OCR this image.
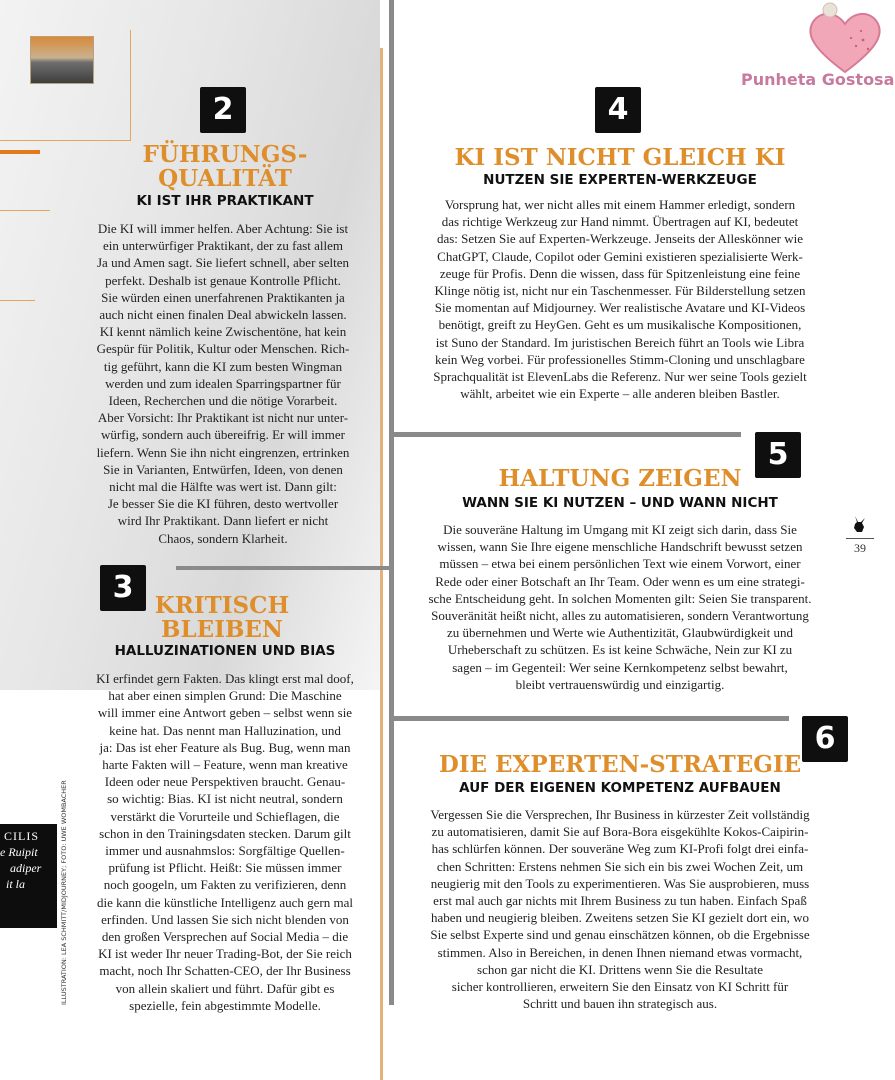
CILIS
e Ruipit
adiper
it la	ILLUSTRATION: LEA SCHMITT/MIDJOURNEY; FOTO: UWE WOMBACHER
Punheta Gostosa
39
2
FÜHRUNGS-
QUALITÄT
KI IST IHR PRAKTIKANT
Die KI will immer helfen. Aber Achtung: Sie ist
ein unterwürfiger Praktikant, der zu fast allem
Ja und Amen sagt. Sie liefert schnell, aber selten
perfekt. Deshalb ist genaue Kontrolle Pflicht.
Sie würden einen unerfahrenen Praktikanten ja
auch nicht einen finalen Deal abwickeln lassen.
KI kennt nämlich keine Zwischentöne, hat kein
Gespür für Politik, Kultur oder Menschen. Rich-
tig geführt, kann die KI zum besten Wingman
werden und zum idealen Sparringspartner für
Ideen, Recherchen und die nötige Vorarbeit.
Aber Vorsicht: Ihr Praktikant ist nicht nur unter-
würfig, sondern auch übereifrig. Er will immer
liefern. Wenn Sie ihn nicht eingrenzen, ertrinken
Sie in Varianten, Entwürfen, Ideen, von denen
nicht mal die Hälfte was wert ist. Dann gilt:
Je besser Sie die KI führen, desto wertvoller
wird Ihr Praktikant. Dann liefert er nicht
Chaos, sondern Klarheit.
3
KRITISCH
BLEIBEN
HALLUZINATIONEN UND BIAS
KI erfindet gern Fakten. Das klingt erst mal doof,
hat aber einen simplen Grund: Die Maschine
will immer eine Antwort geben – selbst wenn sie
keine hat. Das nennt man Halluzination, und
ja: Das ist eher Feature als Bug. Bug, wenn man
harte Fakten will – Feature, wenn man kreative
Ideen oder neue Perspektiven braucht. Genau-
so wichtig: Bias. KI ist nicht neutral, sondern
verstärkt die Vorurteile und Schieflagen, die
schon in den Trainingsdaten stecken. Darum gilt
immer und ausnahmslos: Sorgfältige Quellen-
prüfung ist Pflicht. Heißt: Sie müssen immer
noch googeln, um Fakten zu verifizieren, denn
die kann die künstliche Intelligenz auch gern mal
erfinden. Und lassen Sie sich nicht blenden von
den großen Versprechen auf Social Media – die
KI ist weder Ihr neuer Trading-Bot, der Sie reich
macht, noch Ihr Schatten-CEO, der Ihr Business
von allein skaliert und führt. Dafür gibt es
spezielle, fein abgestimmte Modelle.
4
KI IST NICHT GLEICH KI
NUTZEN SIE EXPERTEN-WERKZEUGE
Vorsprung hat, wer nicht alles mit einem Hammer erledigt, sondern
das richtige Werkzeug zur Hand nimmt. Übertragen auf KI, bedeutet
das: Setzen Sie auf Experten-Werkzeuge. Jenseits der Alleskönner wie
ChatGPT, Claude, Copilot oder Gemini existieren spezialisierte Werk-
zeuge für Profis. Denn die wissen, dass für Spitzenleistung eine feine
Klinge nötig ist, nicht nur ein Taschenmesser. Für Bilderstellung setzen
Sie momentan auf Midjourney. Wer realistische Avatare und KI-Videos
benötigt, greift zu HeyGen. Geht es um musikalische Kompositionen,
ist Suno der Standard. Im juristischen Bereich führt an Tools wie Libra
kein Weg vorbei. Für professionelles Stimm-Cloning und unschlagbare
Sprachqualität ist ElevenLabs die Referenz. Nur wer seine Tools gezielt
wählt, arbeitet wie ein Experte – alle anderen bleiben Bastler.
5
HALTUNG ZEIGEN
WANN SIE KI NUTZEN – UND WANN NICHT
Die souveräne Haltung im Umgang mit KI zeigt sich darin, dass Sie
wissen, wann Sie Ihre eigene menschliche Handschrift bewusst setzen
müssen – etwa bei einem persönlichen Text wie einem Vorwort, einer
Rede oder einer Botschaft an Ihr Team. Oder wenn es um eine strategi-
sche Entscheidung geht. In solchen Momenten gilt: Seien Sie transparent.
Souveränität heißt nicht, alles zu automatisieren, sondern Verantwortung
zu übernehmen und Werte wie Authentizität, Glaubwürdigkeit und
Urheberschaft zu schützen. Es ist keine Schwäche, Nein zur KI zu
sagen – im Gegenteil: Wer seine Kernkompetenz selbst bewahrt,
bleibt vertrauenswürdig und einzigartig.
6
DIE EXPERTEN-STRATEGIE
AUF DER EIGENEN KOMPETENZ AUFBAUEN
Vergessen Sie die Versprechen, Ihr Business in kürzester Zeit vollständig
zu automatisieren, damit Sie auf Bora-Bora eisgekühlte Kokos-Caipirin-
has schlürfen können. Der souveräne Weg zum KI-Profi folgt drei einfa-
chen Schritten: Erstens nehmen Sie sich ein bis zwei Wochen Zeit, um
neugierig mit den Tools zu experimentieren. Was Sie ausprobieren, muss
erst mal auch gar nichts mit Ihrem Business zu tun haben. Einfach Spaß
haben und neugierig bleiben. Zweitens setzen Sie KI gezielt dort ein, wo
Sie selbst Experte sind und genau einschätzen können, ob die Ergebnisse
stimmen. Also in Bereichen, in denen Ihnen niemand etwas vormacht,
schon gar nicht die KI. Drittens wenn Sie die Resultate
sicher kontrollieren, erweitern Sie den Einsatz von KI Schritt für
Schritt und bauen ihn strategisch aus.
